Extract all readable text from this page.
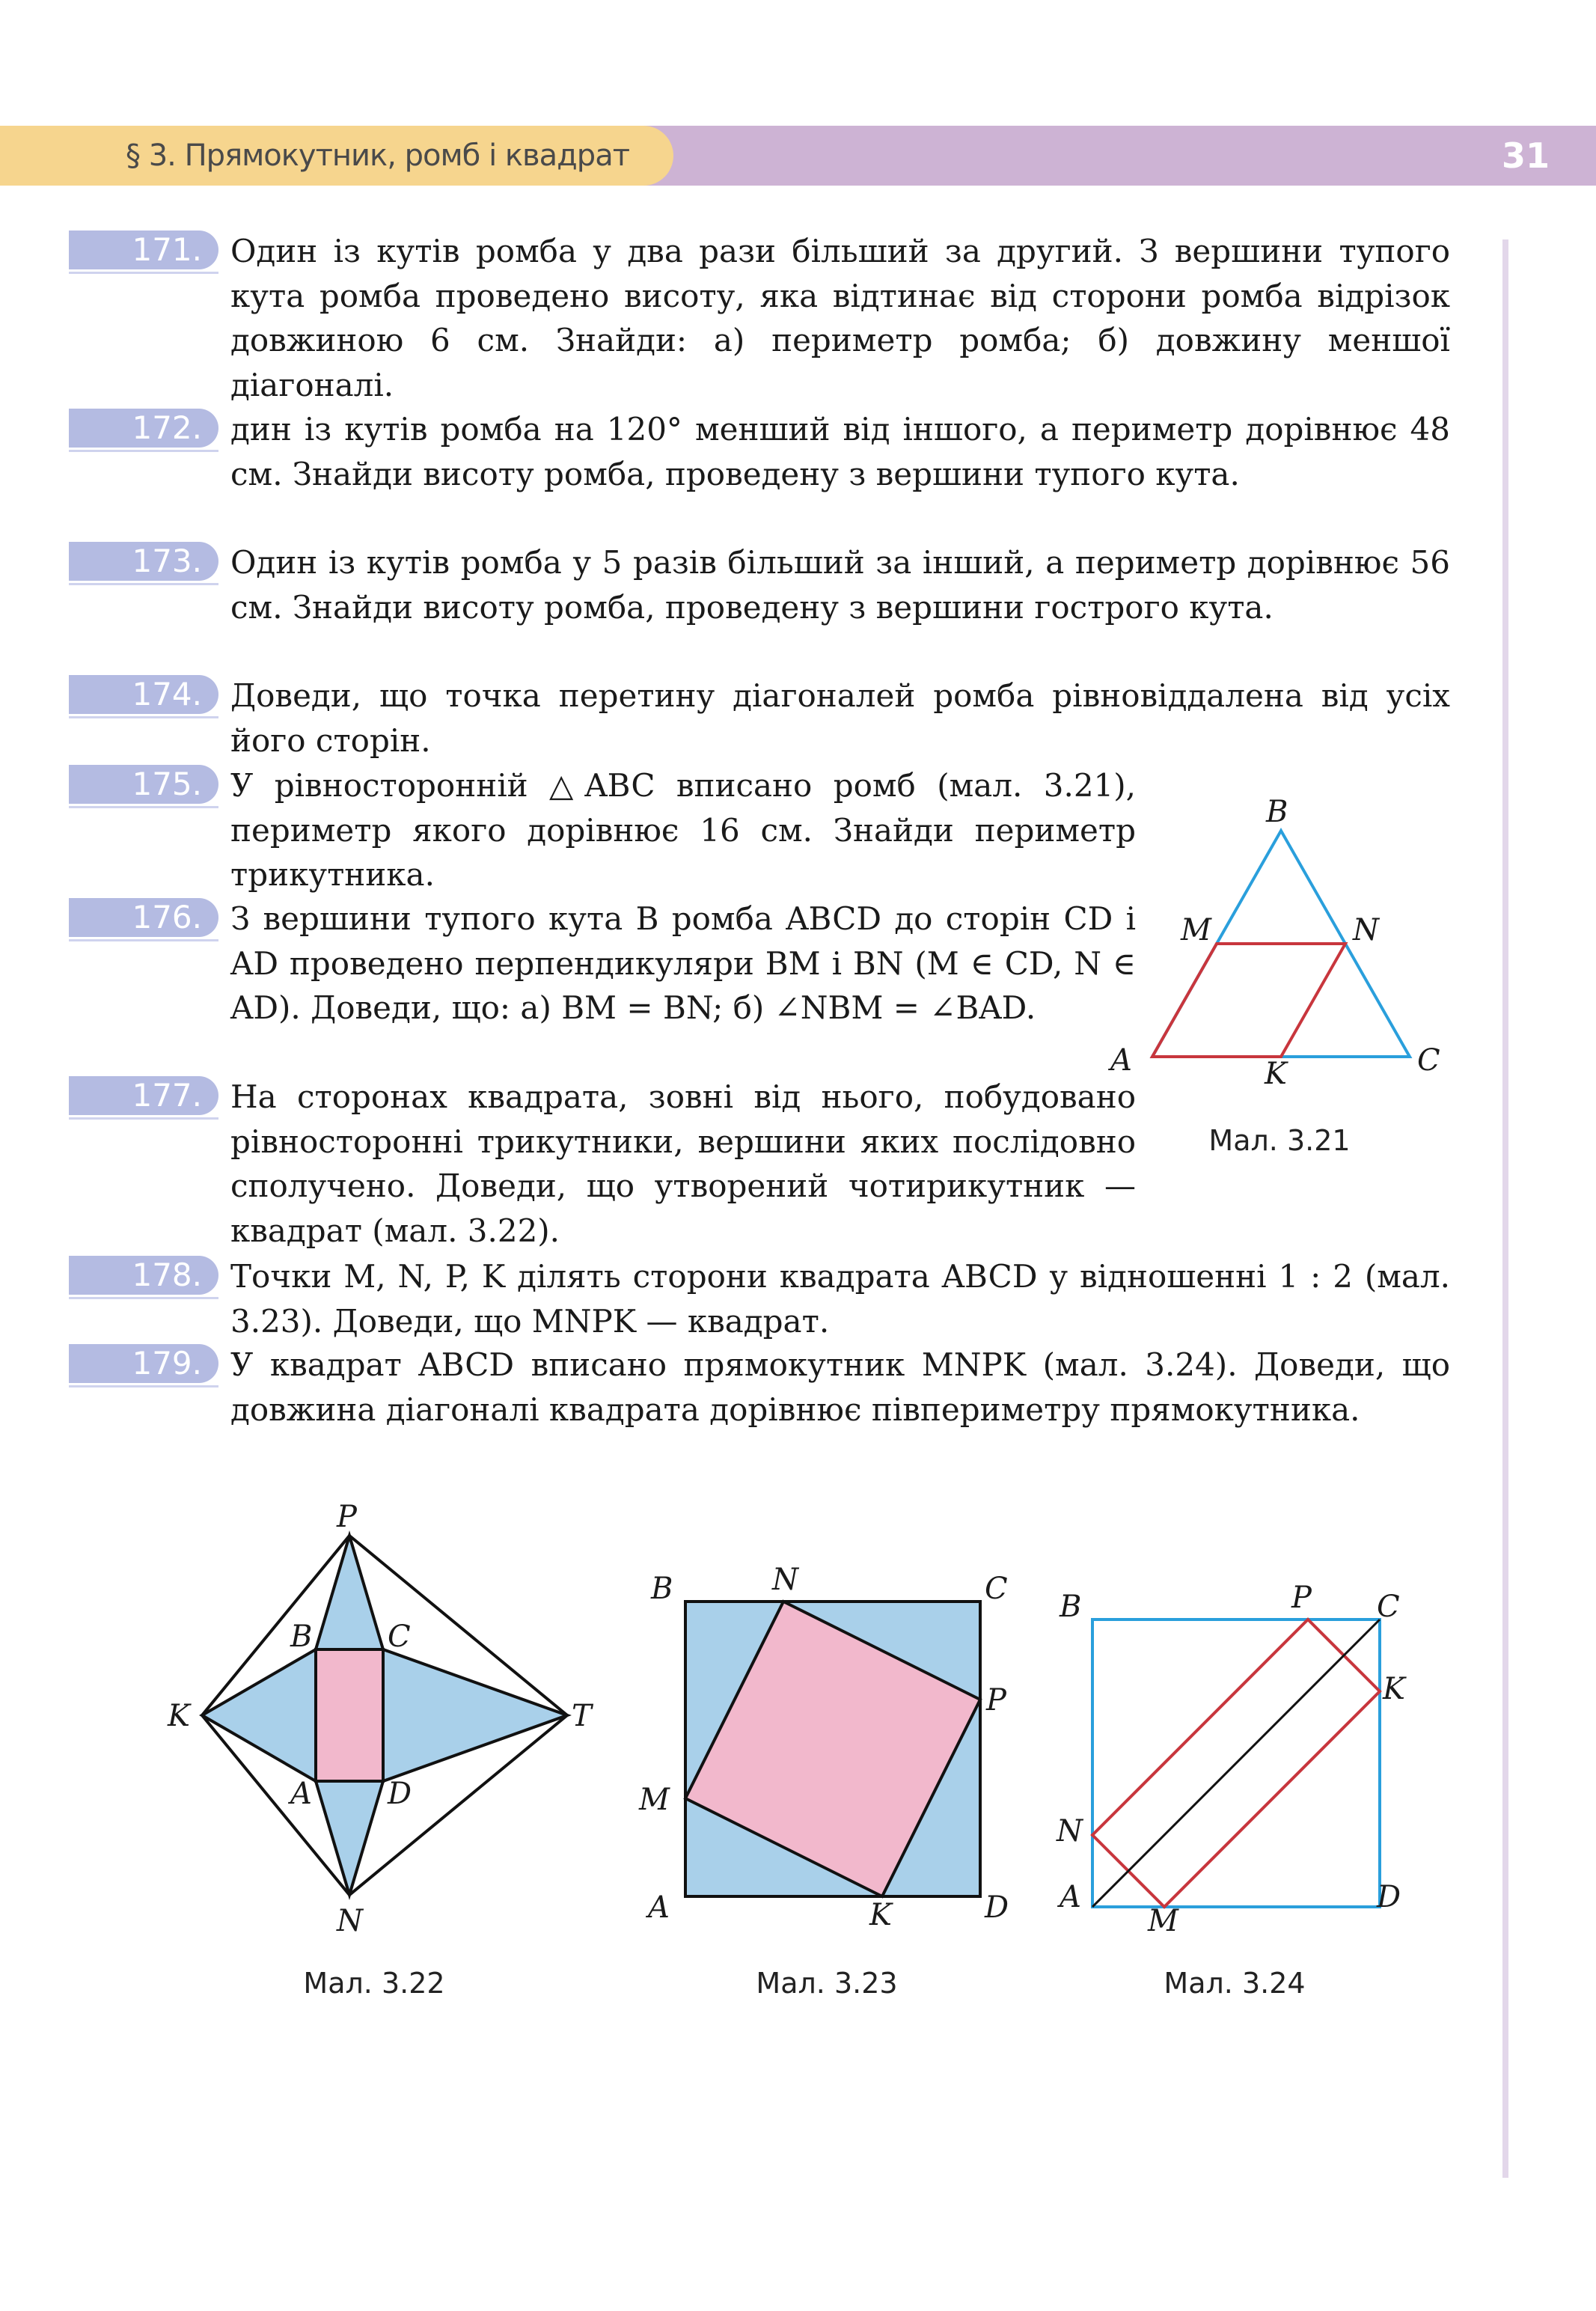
§ 3. Прямокутник, ромб і квадрат	31
171. Один із кутів ромба у два рази більший за другий. З вершини тупого кута ромба проведено висоту, яка відтинає від сторони ромба відрізок довжиною 6 см. Знайди: а) периметр ромба; б) довжину меншої діагоналі.
172. дин із кутів ромба на 120° менший від іншого, а периметр дорівнює 48 см. Знайди висоту ромба, проведену з вершини тупого кута.
173. Один із кутів ромба у 5 разів більший за інший, а периметр дорівнює 56 см. Знайди висоту ромба, проведену з вершини гострого кута.
174. Доведи, що точка перетину діагоналей ромба рівновіддалена від усіх його сторін.
175. У рівносторонній △ABC вписано ромб (мал. 3.21), периметр якого дорівнює 16 см. Знайди периметр трикутника.
176. З вершини тупого кута B ромба ABCD до сторін CD і AD проведено перпендикуляри BM і BN (M ∈ CD, N ∈ AD). Доведи, що: а) BM = BN; б) ∠NBM = ∠BAD.
177. На сторонах квадрата, зовні від нього, побудовано рівносторонні трикутники, вершини яких послідовно сполучено. Доведи, що утворений чотирикутник — квадрат (мал. 3.22).
178. Точки M, N, P, K ділять сторони квадрата ABCD у відношенні 1 : 2 (мал. 3.23). Доведи, що MNPK — квадрат.
179. У квадрат ABCD вписано прямокутник MNPK (мал. 3.24). Доведи, що довжина діагоналі квадрата дорівнює півпериметру прямокутника.
B
M	N
A	K	C
Мал. 3.21
P
K	T
N
B	C
A	D
Мал. 3.22
B	N	C
P
M
A	K	D
Мал. 3.23
B	P C
K
N
A
M
D
Мал. 3.24
